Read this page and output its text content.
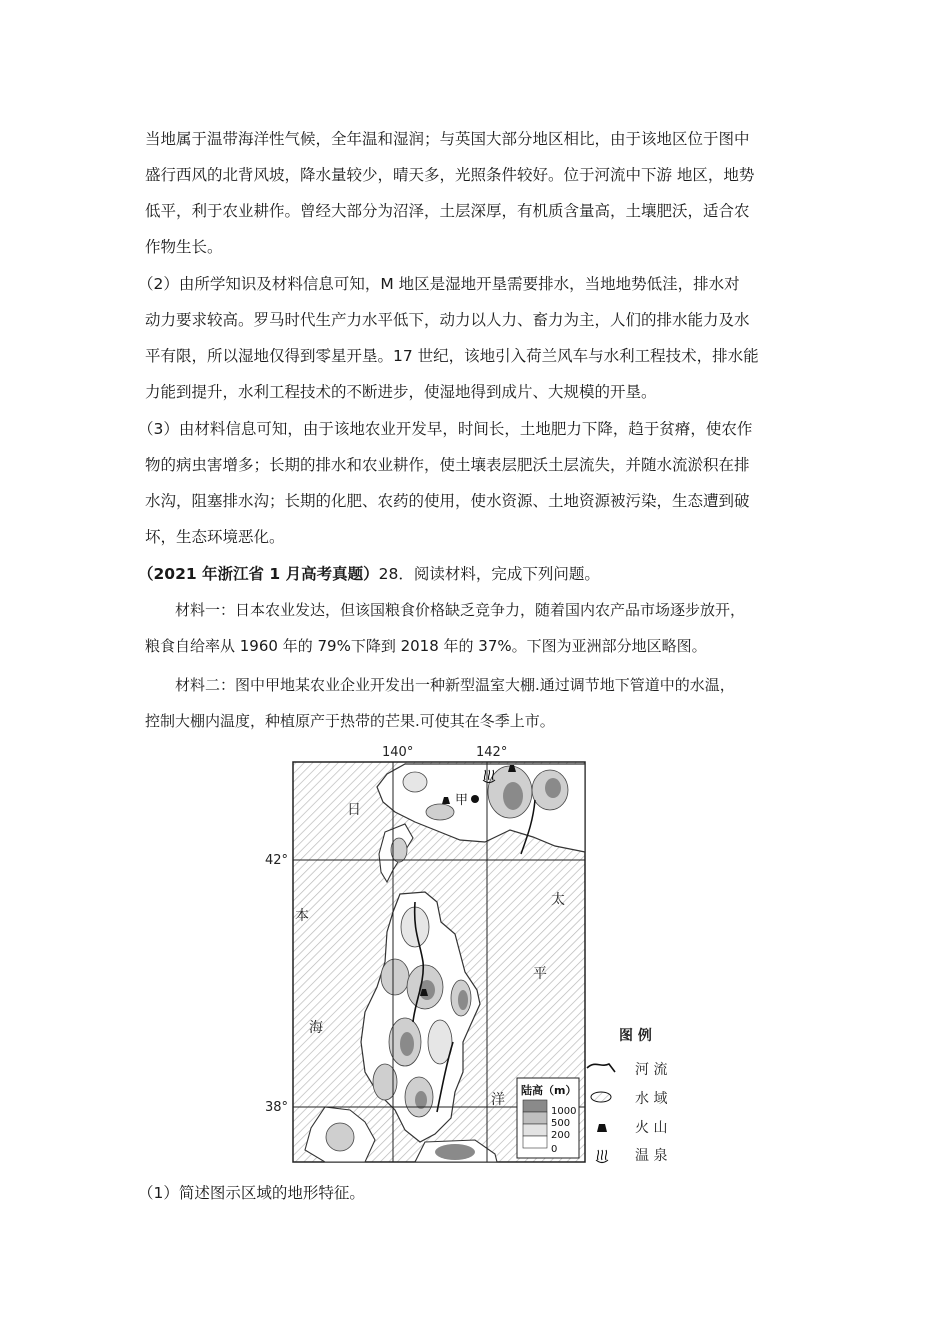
当地属于温带海洋性气候，全年温和湿润；与英国大部分地区相比，由于该地区位于图中
盛行西风的北背风坡，降水量较少，晴天多，光照条件较好。位于河流中下游 地区，地势
低平，利于农业耕作。曾经大部分为沼泽，土层深厚，有机质含量高，土壤肥沃，适合农
作物生长。
（2）由所学知识及材料信息可知，M 地区是湿地开垦需要排水，当地地势低洼，排水对
动力要求较高。罗马时代生产力水平低下，动力以人力、畜力为主，人们的排水能力及水
平有限，所以湿地仅得到零星开垦。17 世纪，该地引入荷兰风车与水利工程技术，排水能
力能到提升，水利工程技术的不断进步，使湿地得到成片、大规模的开垦。
（3）由材料信息可知，由于该地农业开发早，时间长，土地肥力下降，趋于贫瘠，使农作
物的病虫害增多；长期的排水和农业耕作，使土壤表层肥沃土层流失，并随水流淤积在排
水沟，阻塞排水沟；长期的化肥、农药的使用，使水资源、土地资源被污染，生态遭到破
坏，生态环境恶化。
（2021 年浙江省 1 月高考真题）28．阅读材料，完成下列问题。
材料一：日本农业发达，但该国粮食价格缺乏竞争力，随着国内农产品市场逐步放开，
粮食自给率从 1960 年的 79%下降到 2018 年的 37%。下图为亚洲部分地区略图。
材料二：图中甲地某农业企业开发出一种新型温室大棚.通过调节地下管道中的水温，
控制大棚内温度，种植原产于热带的芒果.可使其在冬季上市。
140°	142°
42°
38°
日
本
海
太
平
洋
甲
陆高（m）
1000
500
200
0
图 例
河 流
水 域
火 山
温 泉
（1）简述图示区域的地形特征。
